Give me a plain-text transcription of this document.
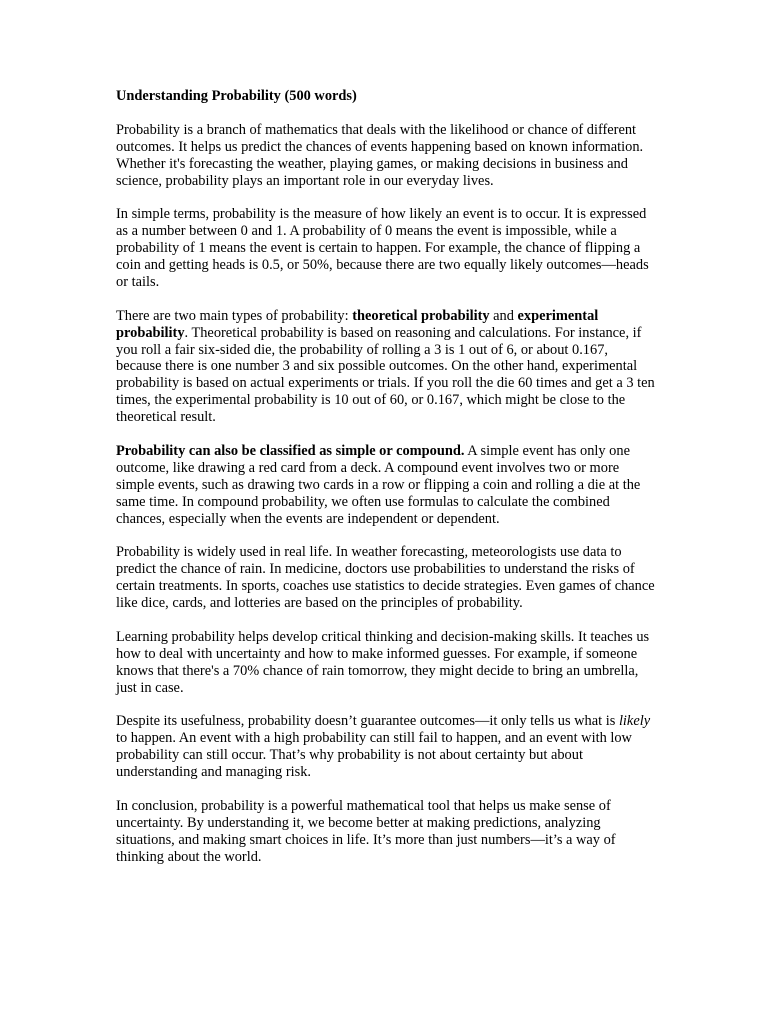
Understanding Probability (500 words)

Probability is a branch of mathematics that deals with the likelihood or chance of different outcomes. It helps us predict the chances of events happening based on known information. Whether it's forecasting the weather, playing games, or making decisions in business and science, probability plays an important role in our everyday lives.

In simple terms, probability is the measure of how likely an event is to occur. It is expressed as a number between 0 and 1. A probability of 0 means the event is impossible, while a probability of 1 means the event is certain to happen. For example, the chance of flipping a coin and getting heads is 0.5, or 50%, because there are two equally likely outcomes—heads or tails.

There are two main types of probability: theoretical probability and experimental probability. Theoretical probability is based on reasoning and calculations. For instance, if you roll a fair six-sided die, the probability of rolling a 3 is 1 out of 6, or about 0.167, because there is one number 3 and six possible outcomes. On the other hand, experimental probability is based on actual experiments or trials. If you roll the die 60 times and get a 3 ten times, the experimental probability is 10 out of 60, or 0.167, which might be close to the theoretical result.

Probability can also be classified as simple or compound. A simple event has only one outcome, like drawing a red card from a deck. A compound event involves two or more simple events, such as drawing two cards in a row or flipping a coin and rolling a die at the same time. In compound probability, we often use formulas to calculate the combined chances, especially when the events are independent or dependent.

Probability is widely used in real life. In weather forecasting, meteorologists use data to predict the chance of rain. In medicine, doctors use probabilities to understand the risks of certain treatments. In sports, coaches use statistics to decide strategies. Even games of chance like dice, cards, and lotteries are based on the principles of probability.

Learning probability helps develop critical thinking and decision-making skills. It teaches us how to deal with uncertainty and how to make informed guesses. For example, if someone knows that there's a 70% chance of rain tomorrow, they might decide to bring an umbrella, just in case.

Despite its usefulness, probability doesn’t guarantee outcomes—it only tells us what is likely to happen. An event with a high probability can still fail to happen, and an event with low probability can still occur. That’s why probability is not about certainty but about understanding and managing risk.

In conclusion, probability is a powerful mathematical tool that helps us make sense of uncertainty. By understanding it, we become better at making predictions, analyzing situations, and making smart choices in life. It’s more than just numbers—it’s a way of thinking about the world.
